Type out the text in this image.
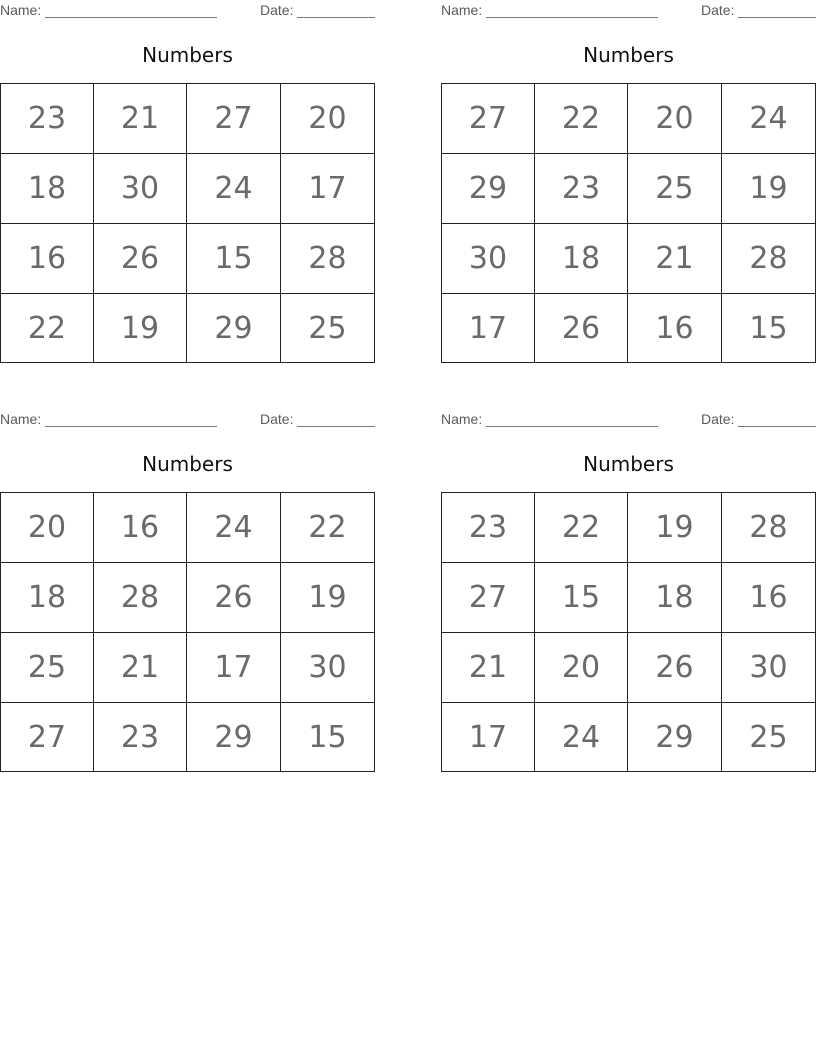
Name:	Date:
Numbers
23	21	27	20
18	30	24	17
16	26	15	28
22	19	29	25
Name:	Date:
Numbers
27	22	20	24
29	23	25	19
30	18	21	28
17	26	16	15
Name:	Date:
Numbers
20	16	24	22
18	28	26	19
25	21	17	30
27	23	29	15
Name:	Date:
Numbers
23	22	19	28
27	15	18	16
21	20	26	30
17	24	29	25
